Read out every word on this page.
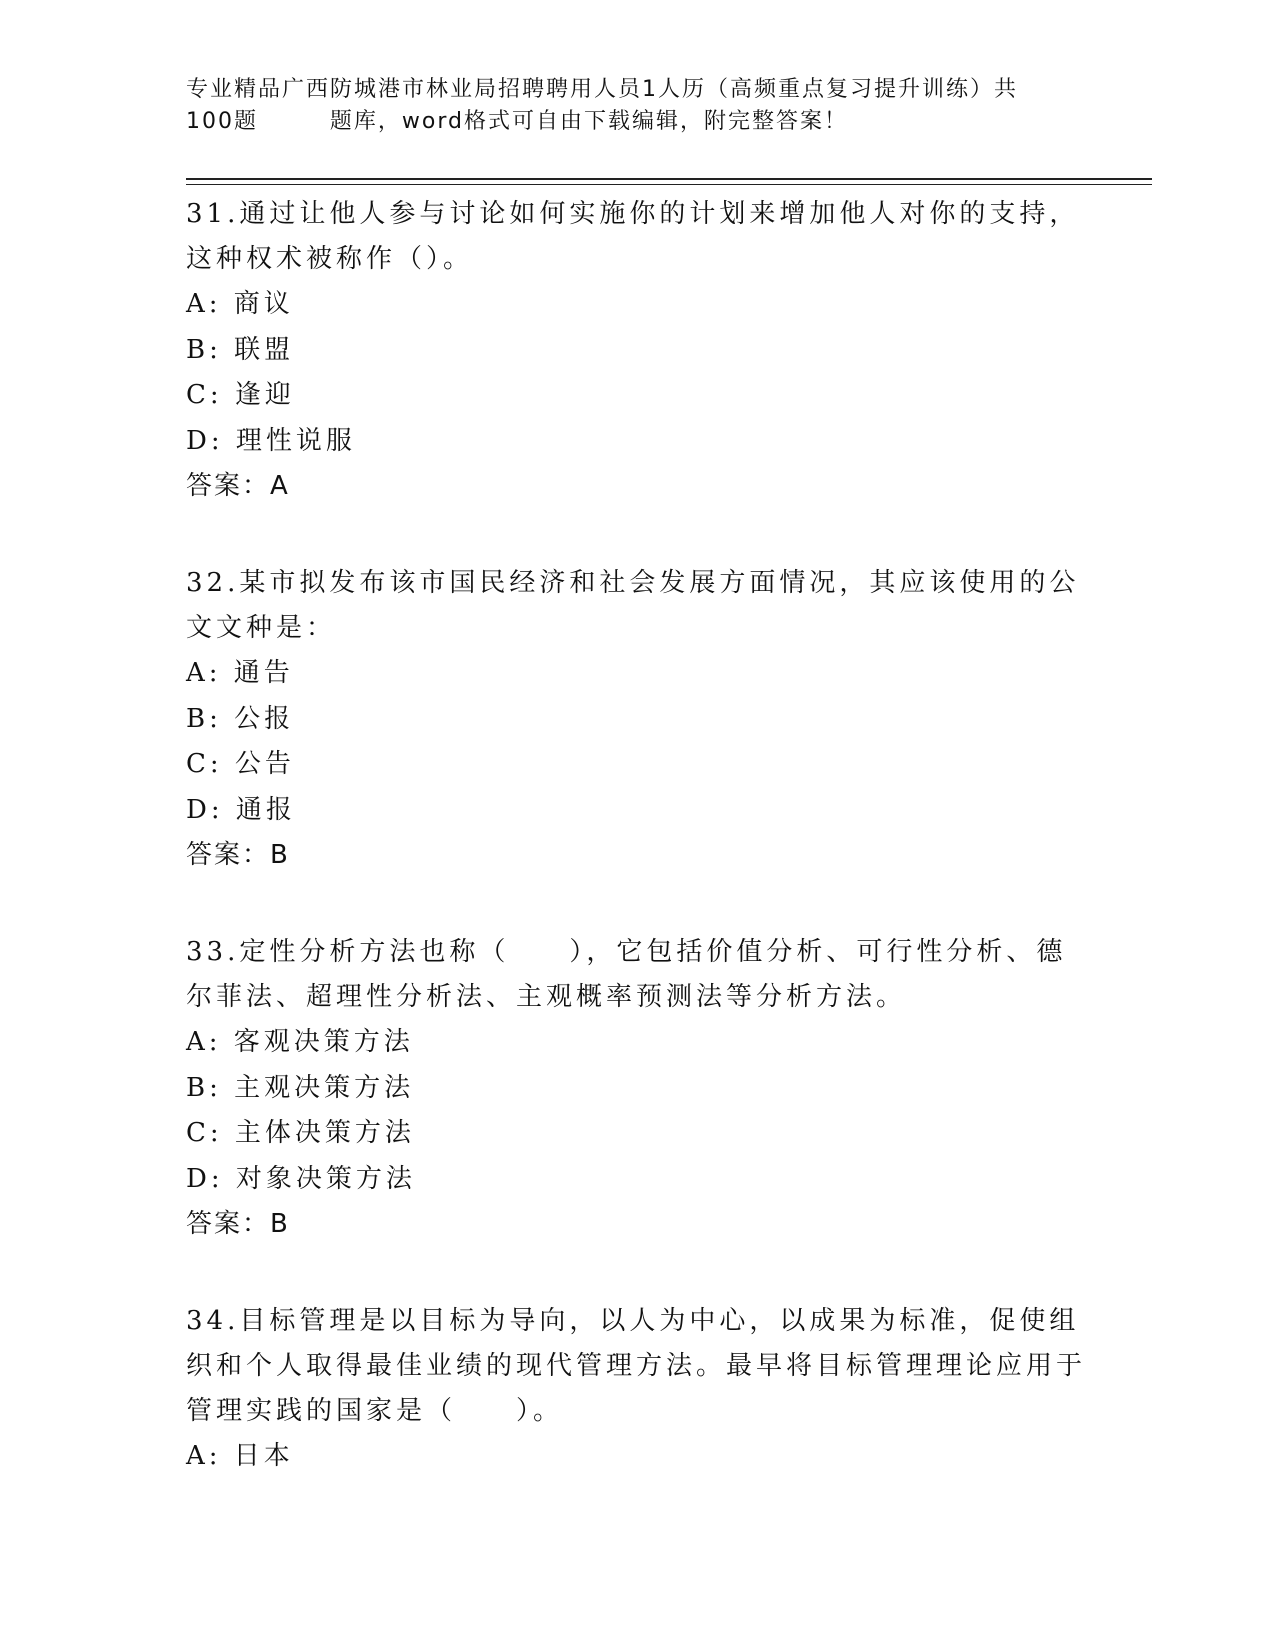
专业精品广西防城港市林业局招聘聘用人员1人历（高频重点复习提升训练）共
100题        题库，word格式可自由下载编辑，附完整答案！

31.通过让他人参与讨论如何实施你的计划来增加他人对你的支持，这种权术被称作（）。

A: 商议

B: 联盟

C: 逢迎

D: 理性说服

答案：A

32.某市拟发布该市国民经济和社会发展方面情况，其应该使用的公文文种是：

A: 通告

B: 公报

C: 公告

D: 通报

答案：B

33.定性分析方法也称（　　），它包括价值分析、可行性分析、德尔菲法、超理性分析法、主观概率预测法等分析方法。

A: 客观决策方法

B: 主观决策方法

C: 主体决策方法

D: 对象决策方法

答案：B

34.目标管理是以目标为导向，以人为中心，以成果为标准，促使组织和个人取得最佳业绩的现代管理方法。最早将目标管理理论应用于管理实践的国家是（　　）。

A: 日本
